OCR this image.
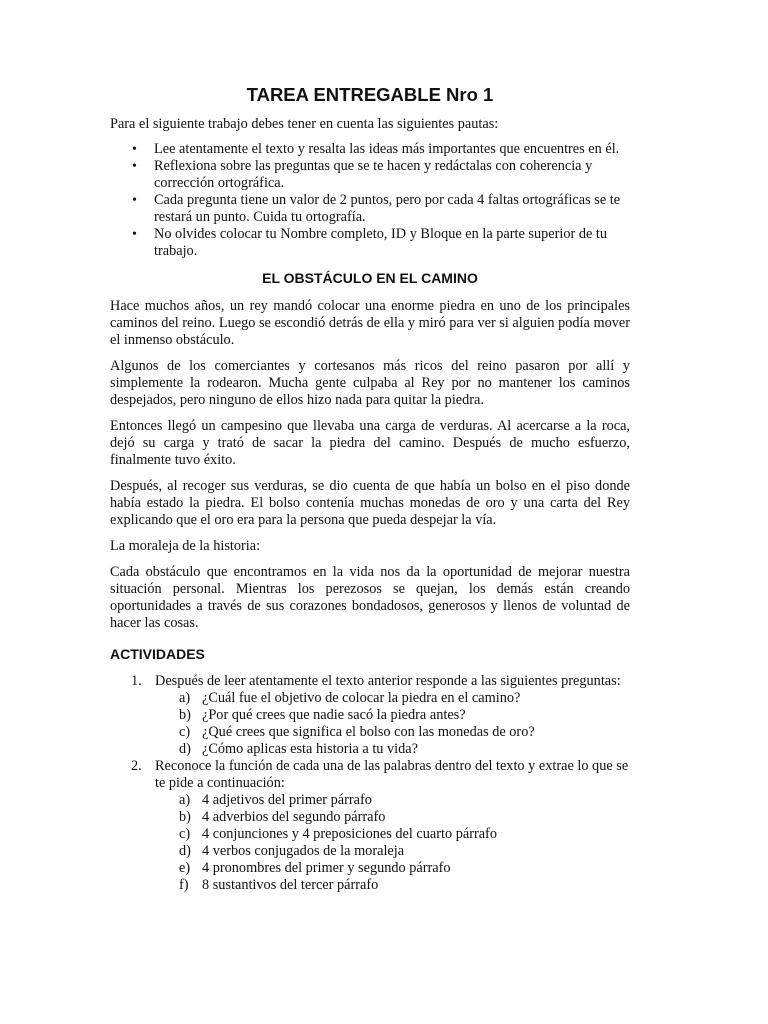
TAREA ENTREGABLE Nro 1

Para el siguiente trabajo debes tener en cuenta las siguientes pautas:

• Lee atentamente el texto y resalta las ideas más importantes que encuentres en él.
• Reflexiona sobre las preguntas que se te hacen y redáctalas con coherencia y corrección ortográfica.
• Cada pregunta tiene un valor de 2 puntos, pero por cada 4 faltas ortográficas se te restará un punto. Cuida tu ortografía.
• No olvides colocar tu Nombre completo, ID y Bloque en la parte superior de tu trabajo.
EL OBSTÁCULO EN EL CAMINO

Hace muchos años, un rey mandó colocar una enorme piedra en uno de los principales caminos del reino. Luego se escondió detrás de ella y miró para ver si alguien podía mover el inmenso obstáculo.

Algunos de los comerciantes y cortesanos más ricos del reino pasaron por allí y simplemente la rodearon. Mucha gente culpaba al Rey por no mantener los caminos despejados, pero ninguno de ellos hizo nada para quitar la piedra.

Entonces llegó un campesino que llevaba una carga de verduras. Al acercarse a la roca, dejó su carga y trató de sacar la piedra del camino. Después de mucho esfuerzo, finalmente tuvo éxito.

Después, al recoger sus verduras, se dio cuenta de que había un bolso en el piso donde había estado la piedra. El bolso contenía muchas monedas de oro y una carta del Rey explicando que el oro era para la persona que pueda despejar la vía.

La moraleja de la historia:

Cada obstáculo que encontramos en la vida nos da la oportunidad de mejorar nuestra situación personal. Mientras los perezosos se quejan, los demás están creando oportunidades a través de sus corazones bondadosos, generosos y llenos de voluntad de hacer las cosas.

ACTIVIDADES
1. Después de leer atentamente el texto anterior responde a las siguientes preguntas:
a) ¿Cuál fue el objetivo de colocar la piedra en el camino?
b) ¿Por qué crees que nadie sacó la piedra antes?
c) ¿Qué crees que significa el bolso con las monedas de oro?
d) ¿Cómo aplicas esta historia a tu vida?
2. Reconoce la función de cada una de las palabras dentro del texto y extrae lo que se te pide a continuación:
a) 4 adjetivos del primer párrafo
b) 4 adverbios del segundo párrafo
c) 4 conjunciones y 4 preposiciones del cuarto párrafo
d) 4 verbos conjugados de la moraleja
e) 4 pronombres del primer y segundo párrafo
f) 8 sustantivos del tercer párrafo
